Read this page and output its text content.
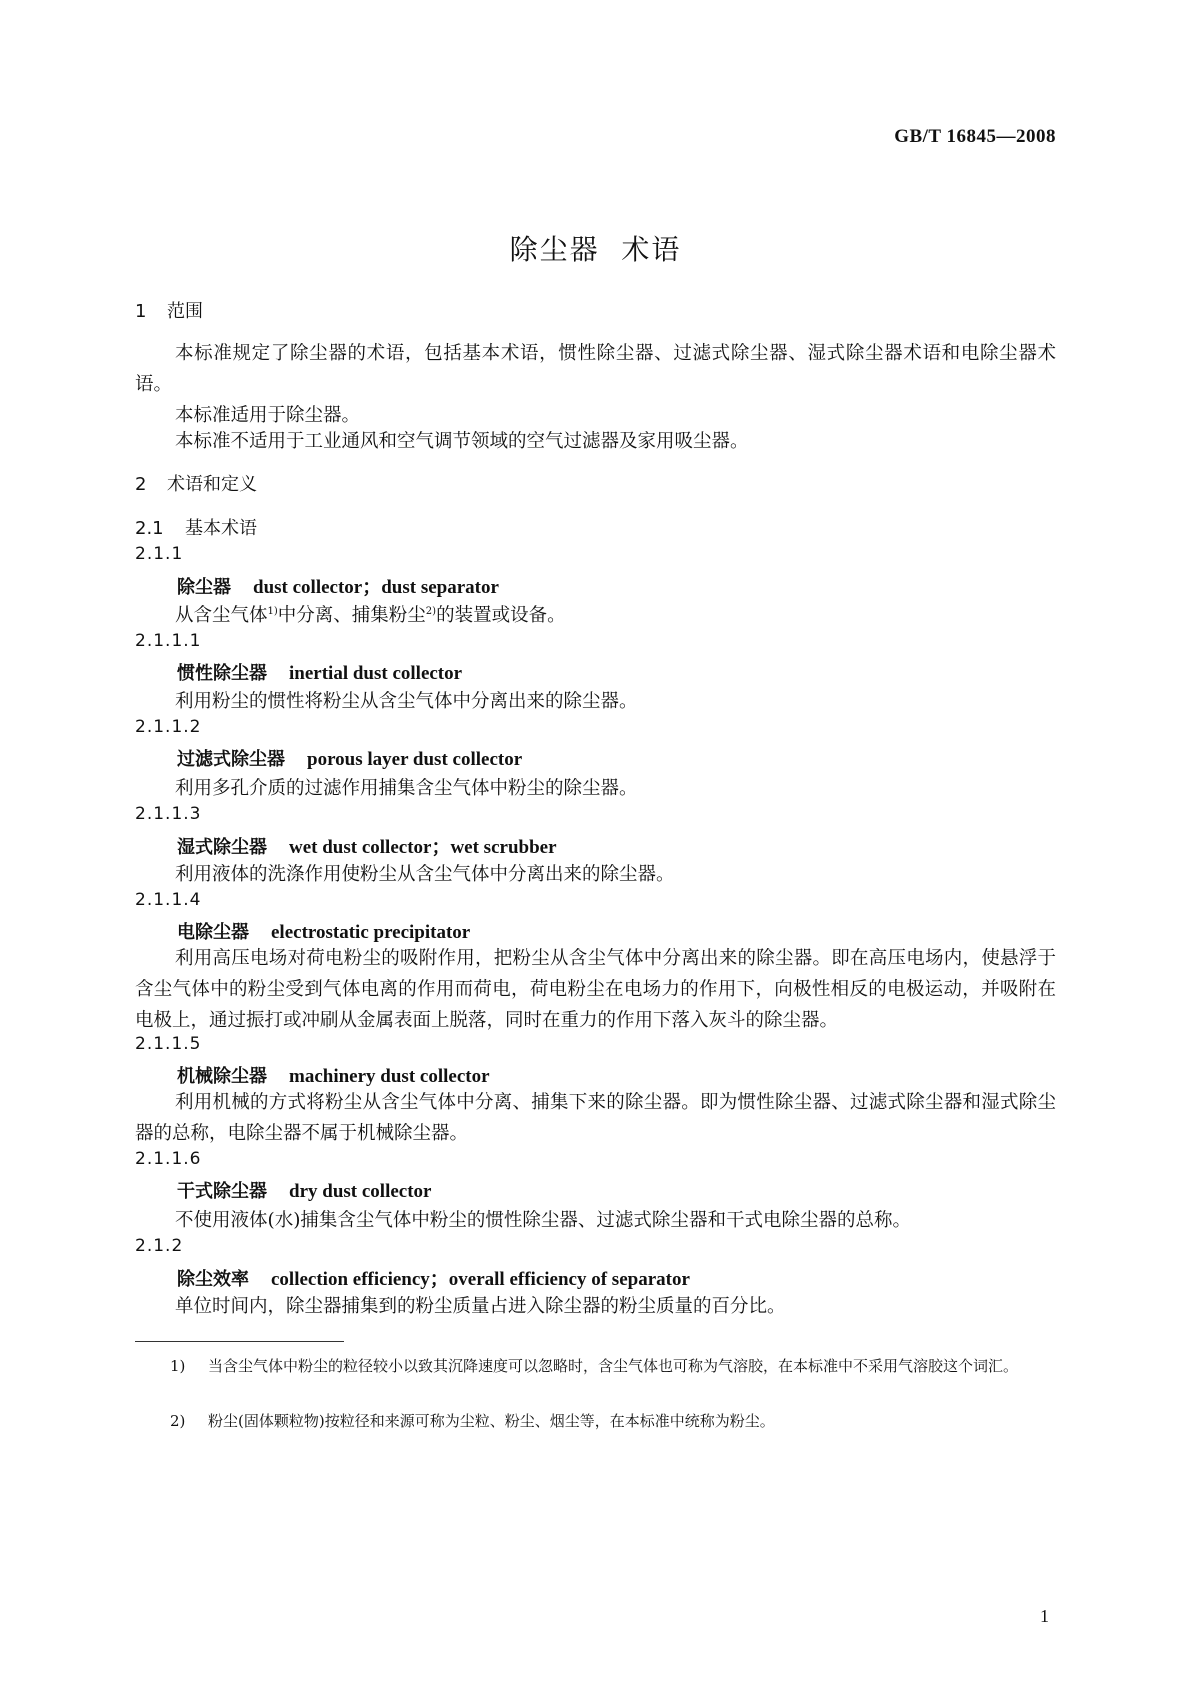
GB/T 16845—2008
除尘器  术语
1 范围
本标准规定了除尘器的术语，包括基本术语，惯性除尘器、过滤式除尘器、湿式除尘器术语和电除尘器术语。
本标准适用于除尘器。
本标准不适用于工业通风和空气调节领域的空气过滤器及家用吸尘器。
2 术语和定义
2.1 基本术语
2.1.1
除尘器 dust collector；dust separator
从含尘气体$^{1)}$中分离、捕集粉尘$^{2)}$的装置或设备。
2.1.1.1
惯性除尘器 inertial dust collector
利用粉尘的惯性将粉尘从含尘气体中分离出来的除尘器。
2.1.1.2
过滤式除尘器 porous layer dust collector
利用多孔介质的过滤作用捕集含尘气体中粉尘的除尘器。
2.1.1.3
湿式除尘器 wet dust collector；wet scrubber
利用液体的洗涤作用使粉尘从含尘气体中分离出来的除尘器。
2.1.1.4
电除尘器 electrostatic precipitator
利用高压电场对荷电粉尘的吸附作用，把粉尘从含尘气体中分离出来的除尘器。即在高压电场内，使悬浮于含尘气体中的粉尘受到气体电离的作用而荷电，荷电粉尘在电场力的作用下，向极性相反的电极运动，并吸附在电极上，通过振打或冲刷从金属表面上脱落，同时在重力的作用下落入灰斗的除尘器。
2.1.1.5
机械除尘器 machinery dust collector
利用机械的方式将粉尘从含尘气体中分离、捕集下来的除尘器。即为惯性除尘器、过滤式除尘器和湿式除尘器的总称，电除尘器不属于机械除尘器。
2.1.1.6
干式除尘器 dry dust collector
不使用液体(水)捕集含尘气体中粉尘的惯性除尘器、过滤式除尘器和干式电除尘器的总称。
2.1.2
除尘效率 collection efficiency；overall efficiency of separator
单位时间内，除尘器捕集到的粉尘质量占进入除尘器的粉尘质量的百分比。
1) 当含尘气体中粉尘的粒径较小以致其沉降速度可以忽略时，含尘气体也可称为气溶胶，在本标准中不采用气溶胶这个词汇。
2) 粉尘(固体颗粒物)按粒径和来源可称为尘粒、粉尘、烟尘等，在本标准中统称为粉尘。
1
